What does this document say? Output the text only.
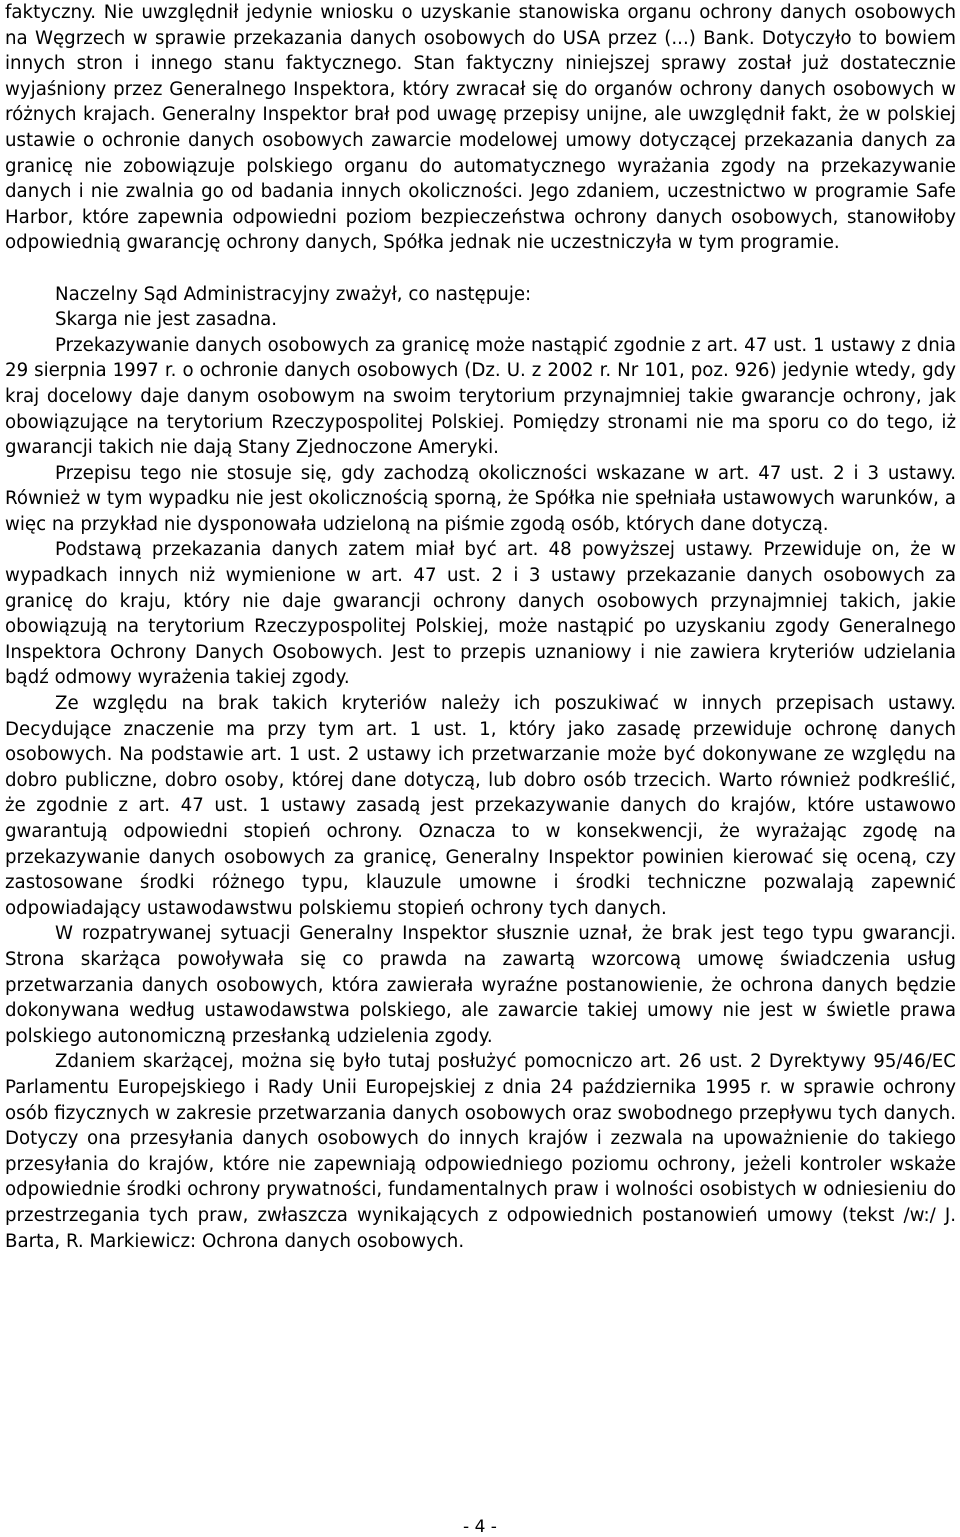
faktyczny. Nie uwzględnił jedynie wniosku o uzyskanie stanowiska organu ochrony danych osobowych na Węgrzech w sprawie przekazania danych osobowych do USA przez (...) Bank. Dotyczyło to bowiem innych stron i innego stanu faktycznego. Stan faktyczny niniejszej sprawy został już dostatecznie wyjaśniony przez Generalnego Inspektora, który zwracał się do organów ochrony danych osobowych w różnych krajach. Generalny Inspektor brał pod uwagę przepisy unijne, ale uwzględnił fakt, że w polskiej ustawie o ochronie danych osobowych zawarcie modelowej umowy dotyczącej przekazania danych za granicę nie zobowiązuje polskiego organu do automatycznego wyrażania zgody na przekazywanie danych i nie zwalnia go od badania innych okoliczności. Jego zdaniem, uczestnictwo w programie Safe Harbor, które zapewnia odpowiedni poziom bezpieczeństwa ochrony danych osobowych, stanowiłoby odpowiednią gwarancję ochrony danych, Spółka jednak nie uczestniczyła w tym programie.

Naczelny Sąd Administracyjny zważył, co następuje:

Skarga nie jest zasadna.

Przekazywanie danych osobowych za granicę może nastąpić zgodnie z art. 47 ust. 1 ustawy z dnia 29 sierpnia 1997 r. o ochronie danych osobowych (Dz. U. z 2002 r. Nr 101, poz. 926) jedynie wtedy, gdy kraj docelowy daje danym osobowym na swoim terytorium przynajmniej takie gwarancje ochrony, jak obowiązujące na terytorium Rzeczypospolitej Polskiej. Pomiędzy stronami nie ma sporu co do tego, iż gwarancji takich nie dają Stany Zjednoczone Ameryki.

Przepisu tego nie stosuje się, gdy zachodzą okoliczności wskazane w art. 47 ust. 2 i 3 ustawy. Również w tym wypadku nie jest okolicznością sporną, że Spółka nie spełniała ustawowych warunków, a więc na przykład nie dysponowała udzieloną na piśmie zgodą osób, których dane dotyczą.

Podstawą przekazania danych zatem miał być art. 48 powyższej ustawy. Przewiduje on, że w wypadkach innych niż wymienione w art. 47 ust. 2 i 3 ustawy przekazanie danych osobowych za granicę do kraju, który nie daje gwarancji ochrony danych osobowych przynajmniej takich, jakie obowiązują na terytorium Rzeczypospolitej Polskiej, może nastąpić po uzyskaniu zgody Generalnego Inspektora Ochrony Danych Osobowych. Jest to przepis uznaniowy i nie zawiera kryteriów udzielania bądź odmowy wyrażenia takiej zgody.

Ze względu na brak takich kryteriów należy ich poszukiwać w innych przepisach ustawy. Decydujące znaczenie ma przy tym art. 1 ust. 1, który jako zasadę przewiduje ochronę danych osobowych. Na podstawie art. 1 ust. 2 ustawy ich przetwarzanie może być dokonywane ze względu na dobro publiczne, dobro osoby, której dane dotyczą, lub dobro osób trzecich. Warto również podkreślić, że zgodnie z art. 47 ust. 1 ustawy zasadą jest przekazywanie danych do krajów, które ustawowo gwarantują odpowiedni stopień ochrony. Oznacza to w konsekwencji, że wyrażając zgodę na przekazywanie danych osobowych za granicę, Generalny Inspektor powinien kierować się oceną, czy zastosowane środki różnego typu, klauzule umowne i środki techniczne pozwalają zapewnić odpowiadający ustawodawstwu polskiemu stopień ochrony tych danych.

W rozpatrywanej sytuacji Generalny Inspektor słusznie uznał, że brak jest tego typu gwarancji. Strona skarżąca powoływała się co prawda na zawartą wzorcową umowę świadczenia usług przetwarzania danych osobowych, która zawierała wyraźne postanowienie, że ochrona danych będzie dokonywana według ustawodawstwa polskiego, ale zawarcie takiej umowy nie jest w świetle prawa polskiego autonomiczną przesłanką udzielenia zgody.

Zdaniem skarżącej, można się było tutaj posłużyć pomocniczo art. 26 ust. 2 Dyrektywy 95/46/EC Parlamentu Europejskiego i Rady Unii Europejskiej z dnia 24 października 1995 r. w sprawie ochrony osób fizycznych w zakresie przetwarzania danych osobowych oraz swobodnego przepływu tych danych. Dotyczy ona przesyłania danych osobowych do innych krajów i zezwala na upoważnienie do takiego przesyłania do krajów, które nie zapewniają odpowiedniego poziomu ochrony, jeżeli kontroler wskaże odpowiednie środki ochrony prywatności, fundamentalnych praw i wolności osobistych w odniesieniu do przestrzegania tych praw, zwłaszcza wynikających z odpowiednich postanowień umowy (tekst /w:/ J. Barta, R. Markiewicz: Ochrona danych osobowych.

- 4 -
